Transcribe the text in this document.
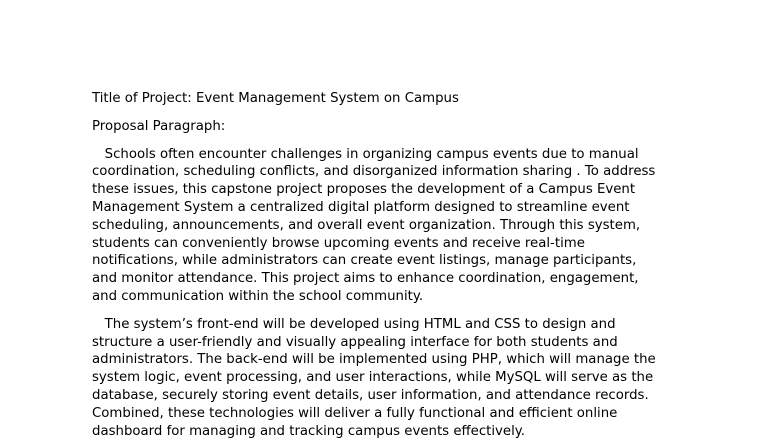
Title of Project: Event Management System on Campus
Proposal Paragraph:
Schools often encounter challenges in organizing campus events due to manual
coordination, scheduling conflicts, and disorganized information sharing . To address
these issues, this capstone project proposes the development of a Campus Event
Management System a centralized digital platform designed to streamline event
scheduling, announcements, and overall event organization. Through this system,
students can conveniently browse upcoming events and receive real-time
notifications, while administrators can create event listings, manage participants,
and monitor attendance. This project aims to enhance coordination, engagement,
and communication within the school community.
The system’s front-end will be developed using HTML and CSS to design and
structure a user-friendly and visually appealing interface for both students and
administrators. The back-end will be implemented using PHP, which will manage the
system logic, event processing, and user interactions, while MySQL will serve as the
database, securely storing event details, user information, and attendance records.
Combined, these technologies will deliver a fully functional and efficient online
dashboard for managing and tracking campus events effectively.
